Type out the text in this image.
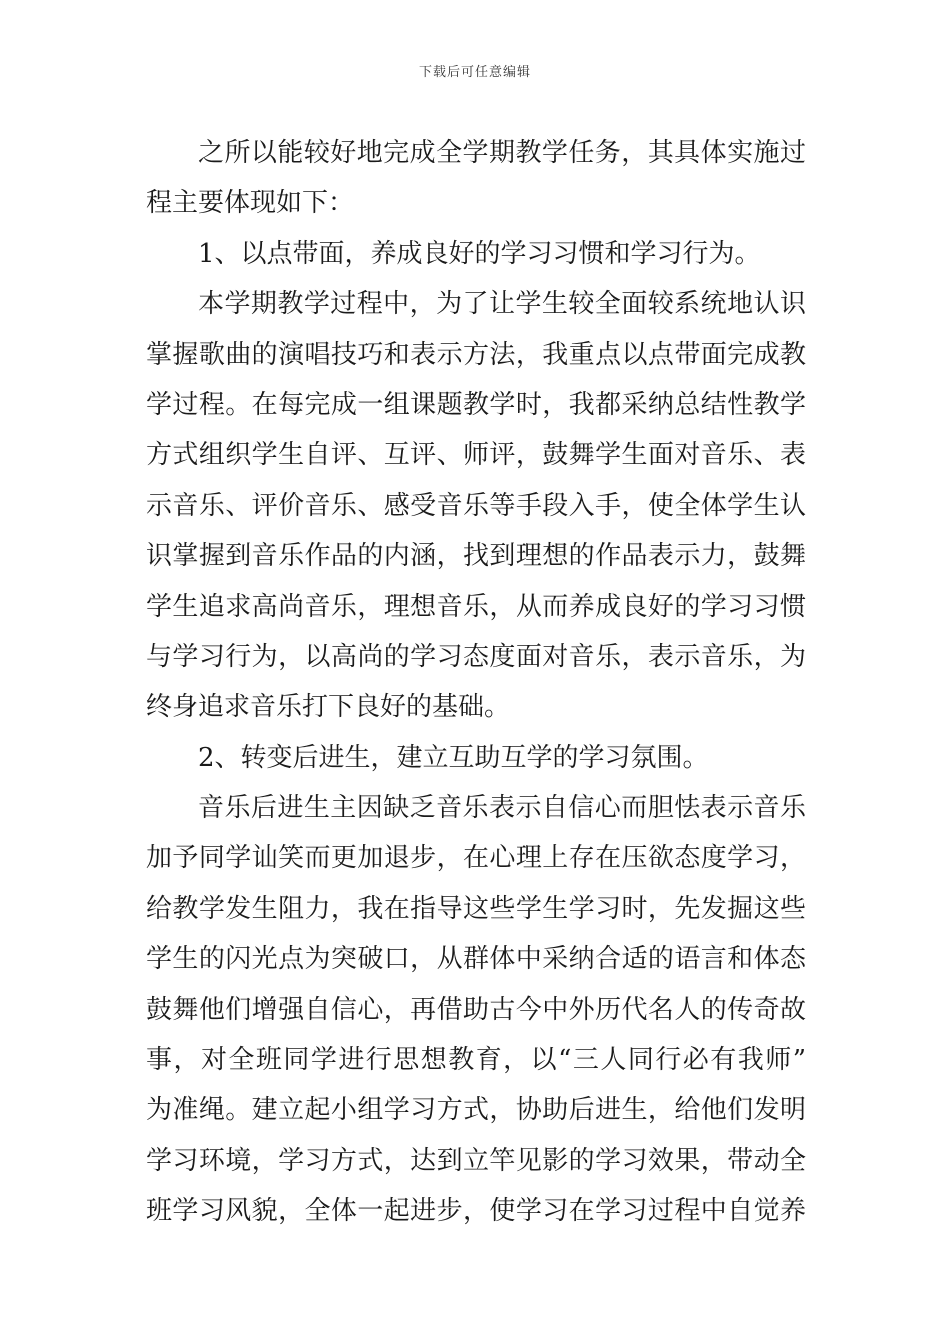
下载后可任意编辑
之所以能较好地完成全学期教学任务，其具体实施过
程主要体现如下：
1、以点带面，养成良好的学习习惯和学习行为。
本学期教学过程中，为了让学生较全面较系统地认识
掌握歌曲的演唱技巧和表示方法，我重点以点带面完成教
学过程。在每完成一组课题教学时，我都采纳总结性教学
方式组织学生自评、互评、师评，鼓舞学生面对音乐、表
示音乐、评价音乐、感受音乐等手段入手，使全体学生认
识掌握到音乐作品的内涵，找到理想的作品表示力，鼓舞
学生追求高尚音乐，理想音乐，从而养成良好的学习习惯
与学习行为，以高尚的学习态度面对音乐，表示音乐，为
终身追求音乐打下良好的基础。
2、转变后进生，建立互助互学的学习氛围。
音乐后进生主因缺乏音乐表示自信心而胆怯表示音乐
加予同学讪笑而更加退步，在心理上存在压欲态度学习，
给教学发生阻力，我在指导这些学生学习时，先发掘这些
学生的闪光点为突破口，从群体中采纳合适的语言和体态
鼓舞他们增强自信心，再借助古今中外历代名人的传奇故
事，对全班同学进行思想教育，以“三人同行必有我师”
为准绳。建立起小组学习方式，协助后进生，给他们发明
学习环境，学习方式，达到立竿见影的学习效果，带动全
班学习风貌，全体一起进步，使学习在学习过程中自觉养
